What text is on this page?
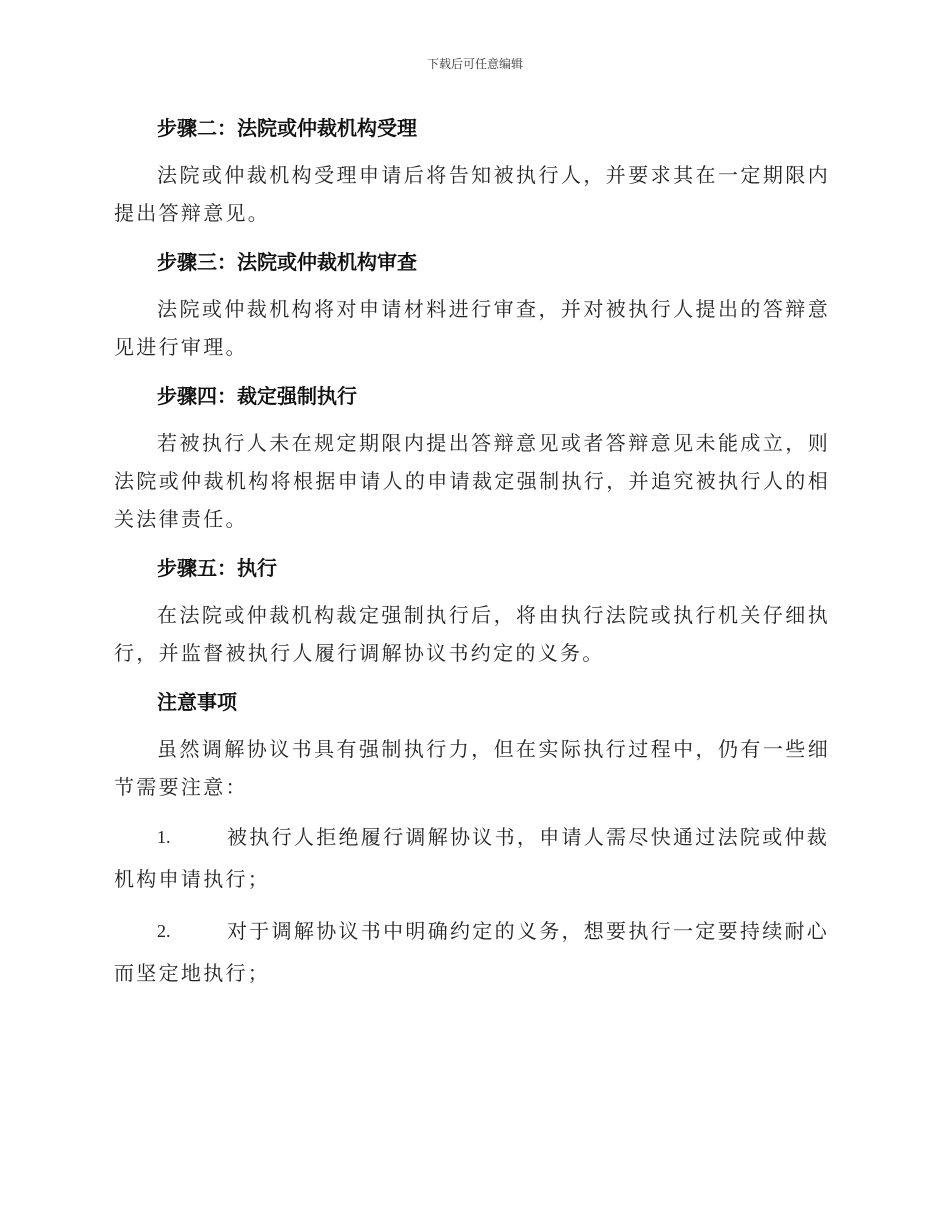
下载后可任意编辑
步骤二：法院或仲裁机构受理

法院或仲裁机构受理申请后将告知被执行人，并要求其在一定期限内提出答辩意见。

步骤三：法院或仲裁机构审查

法院或仲裁机构将对申请材料进行审查，并对被执行人提出的答辩意见进行审理。

步骤四：裁定强制执行

若被执行人未在规定期限内提出答辩意见或者答辩意见未能成立，则法院或仲裁机构将根据申请人的申请裁定强制执行，并追究被执行人的相关法律责任。

步骤五：执行

在法院或仲裁机构裁定强制执行后，将由执行法院或执行机关仔细执行，并监督被执行人履行调解协议书约定的义务。

注意事项

虽然调解协议书具有强制执行力，但在实际执行过程中，仍有一些细节需要注意：

1.	被执行人拒绝履行调解协议书，申请人需尽快通过法院或仲裁机构申请执行；
2.	对于调解协议书中明确约定的义务，想要执行一定要持续耐心而坚定地执行；
